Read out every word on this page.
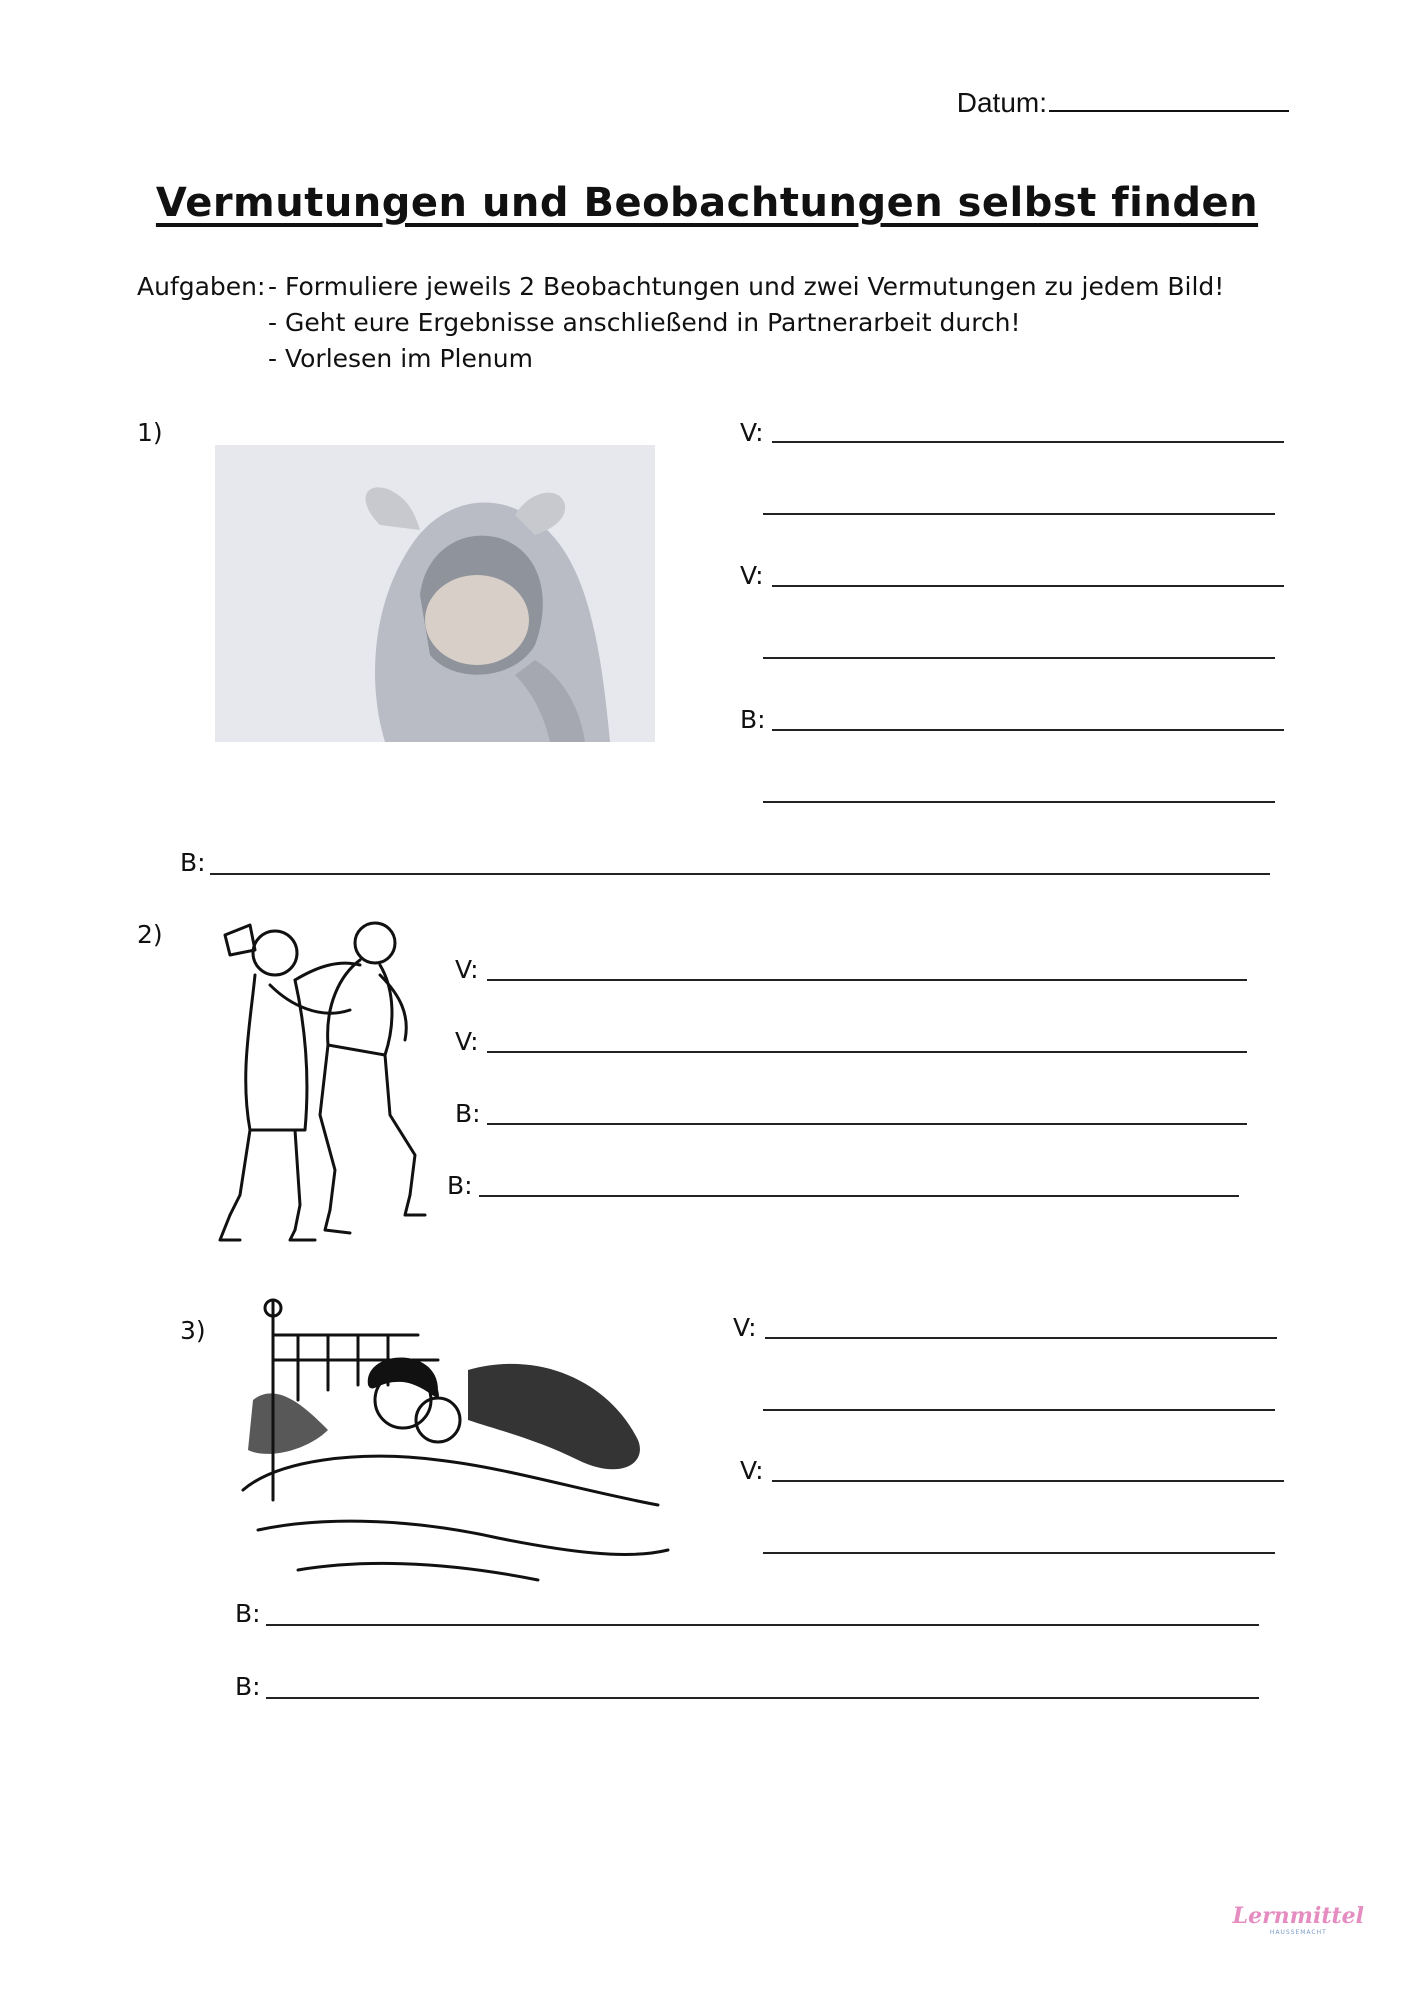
Datum:
Vermutungen und Beobachtungen selbst finden
Aufgaben: - Formuliere jeweils 2 Beobachtungen und zwei Vermutungen zu jedem Bild!
- Geht eure Ergebnisse anschließend in Partnerarbeit durch!
- Vorlesen im Plenum
1)	V:
V:
B:
B:
2)
V:
V:
B:
B:
3)	V:
V:
B:
B:
Lernmittel
HAUSSEMACHT
